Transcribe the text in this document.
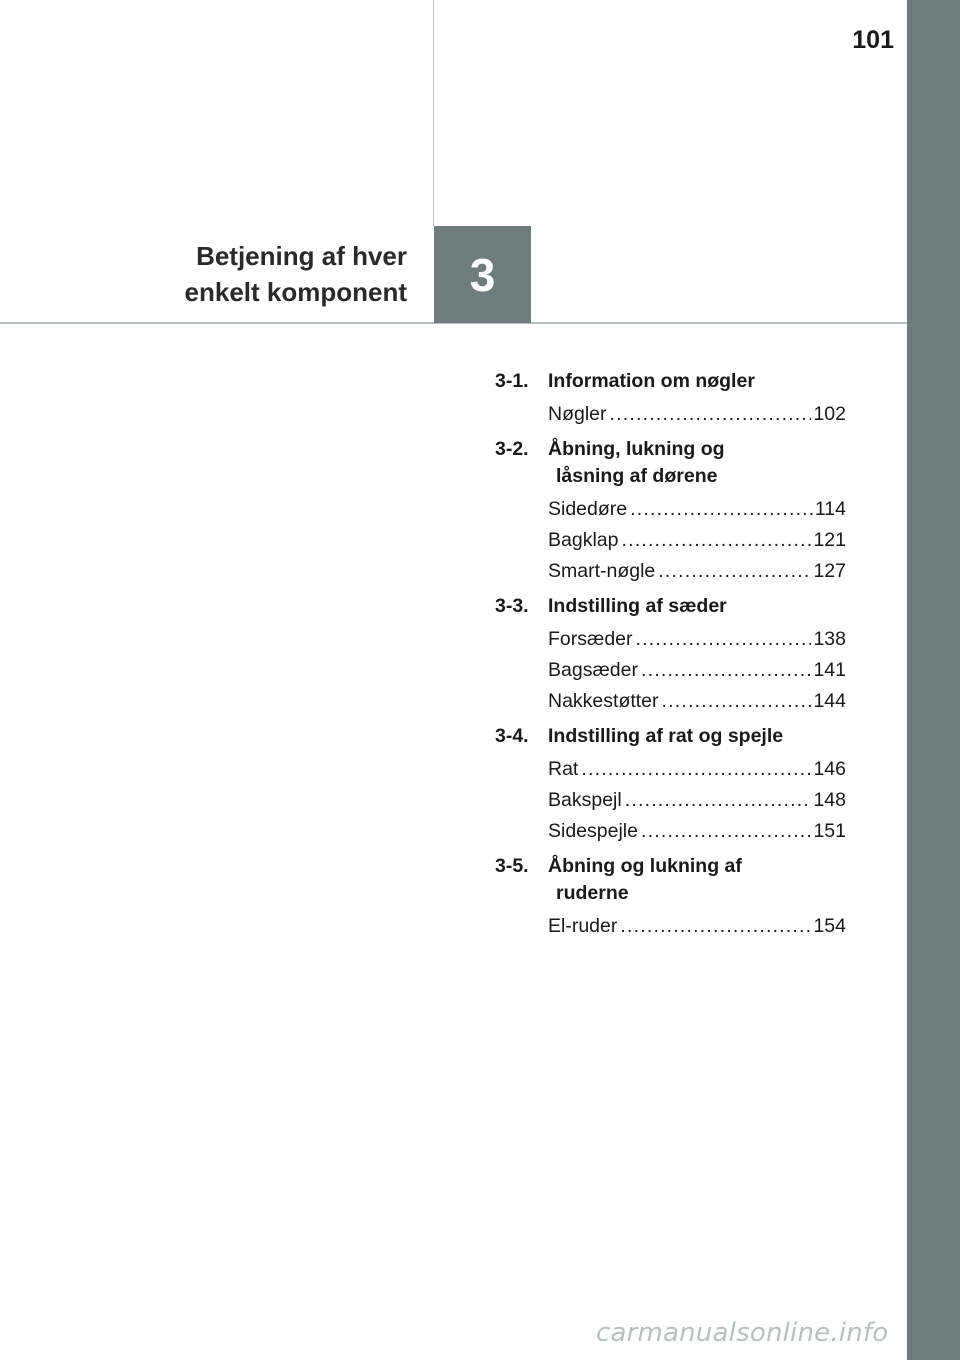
101
Betjening af hver
enkelt komponent	3
3-1. Information om nøgler
Nøgler .....	102
3-2. Åbning, lukning og
låsning af dørene
Sidedøre .....	114
Bagklap .....	121
Smart-nøgle .....	127
3-3. Indstilling af sæder
Forsæder .....	138
Bagsæder .....	141
Nakkestøtter .....	144
3-4. Indstilling af rat og spejle
Rat .....	146
Bakspejl .....	148
Sidespejle .....	151
3-5. Åbning og lukning af
ruderne
El-ruder .....	154
carmanualsonline.info
